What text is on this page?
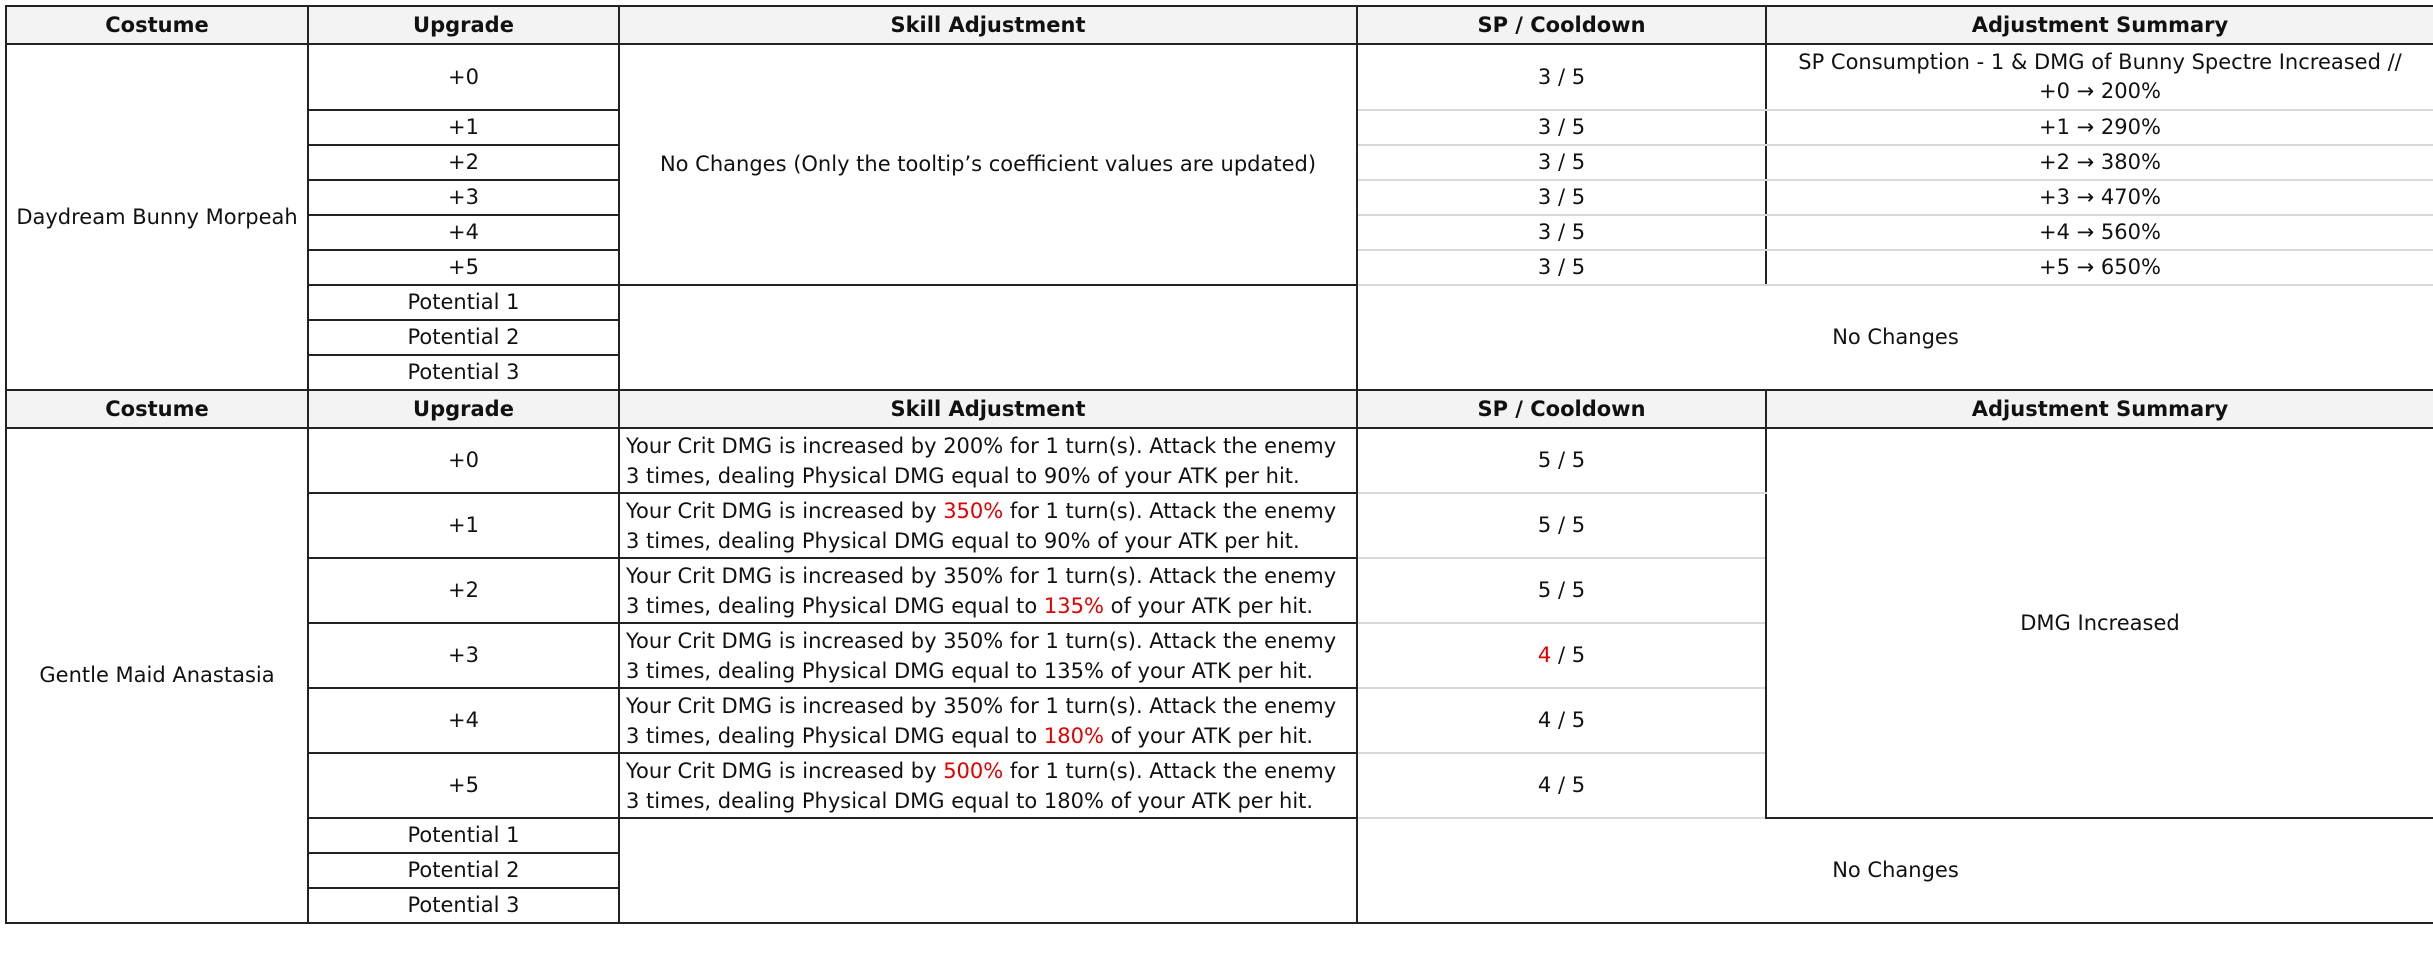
Costume	Upgrade	Skill Adjustment	SP / Cooldown	Adjustment Summary
Daydream Bunny Morpeah	+0	No Changes (Only the tooltip’s coefficient values are updated)	3 / 5	SP Consumption - 1 & DMG of Bunny Spectre Increased //
+0 → 200%

	+1		3 / 5	+1 → 290%
	+2		3 / 5	+2 → 380%
	+3		3 / 5	+3 → 470%
	+4		3 / 5	+4 → 560%
	+5		3 / 5	+5 → 650%
	Potential 1		No Changes	
	Potential 2			
	Potential 3			
Costume	Upgrade	Skill Adjustment	SP / Cooldown	Adjustment Summary
Gentle Maid Anastasia	+0	Your Crit DMG is increased by 200% for 1 turn(s). Attack the enemy 3 times, dealing Physical DMG equal to 90% of your ATK per hit.	5 / 5	DMG Increased
	+1	Your Crit DMG is increased by 350% for 1 turn(s). Attack the enemy 3 times, dealing Physical DMG equal to 90% of your ATK per hit.	5 / 5	
	+2	Your Crit DMG is increased by 350% for 1 turn(s). Attack the enemy 3 times, dealing Physical DMG equal to 135% of your ATK per hit.	5 / 5	
	+3	Your Crit DMG is increased by 350% for 1 turn(s). Attack the enemy 3 times, dealing Physical DMG equal to 135% of your ATK per hit.	4 / 5	
	+4	Your Crit DMG is increased by 350% for 1 turn(s). Attack the enemy 3 times, dealing Physical DMG equal to 180% of your ATK per hit.	4 / 5	
	+5	Your Crit DMG is increased by 500% for 1 turn(s). Attack the enemy 3 times, dealing Physical DMG equal to 180% of your ATK per hit.	4 / 5	
	Potential 1		No Changes	
	Potential 2			
	Potential 3			
